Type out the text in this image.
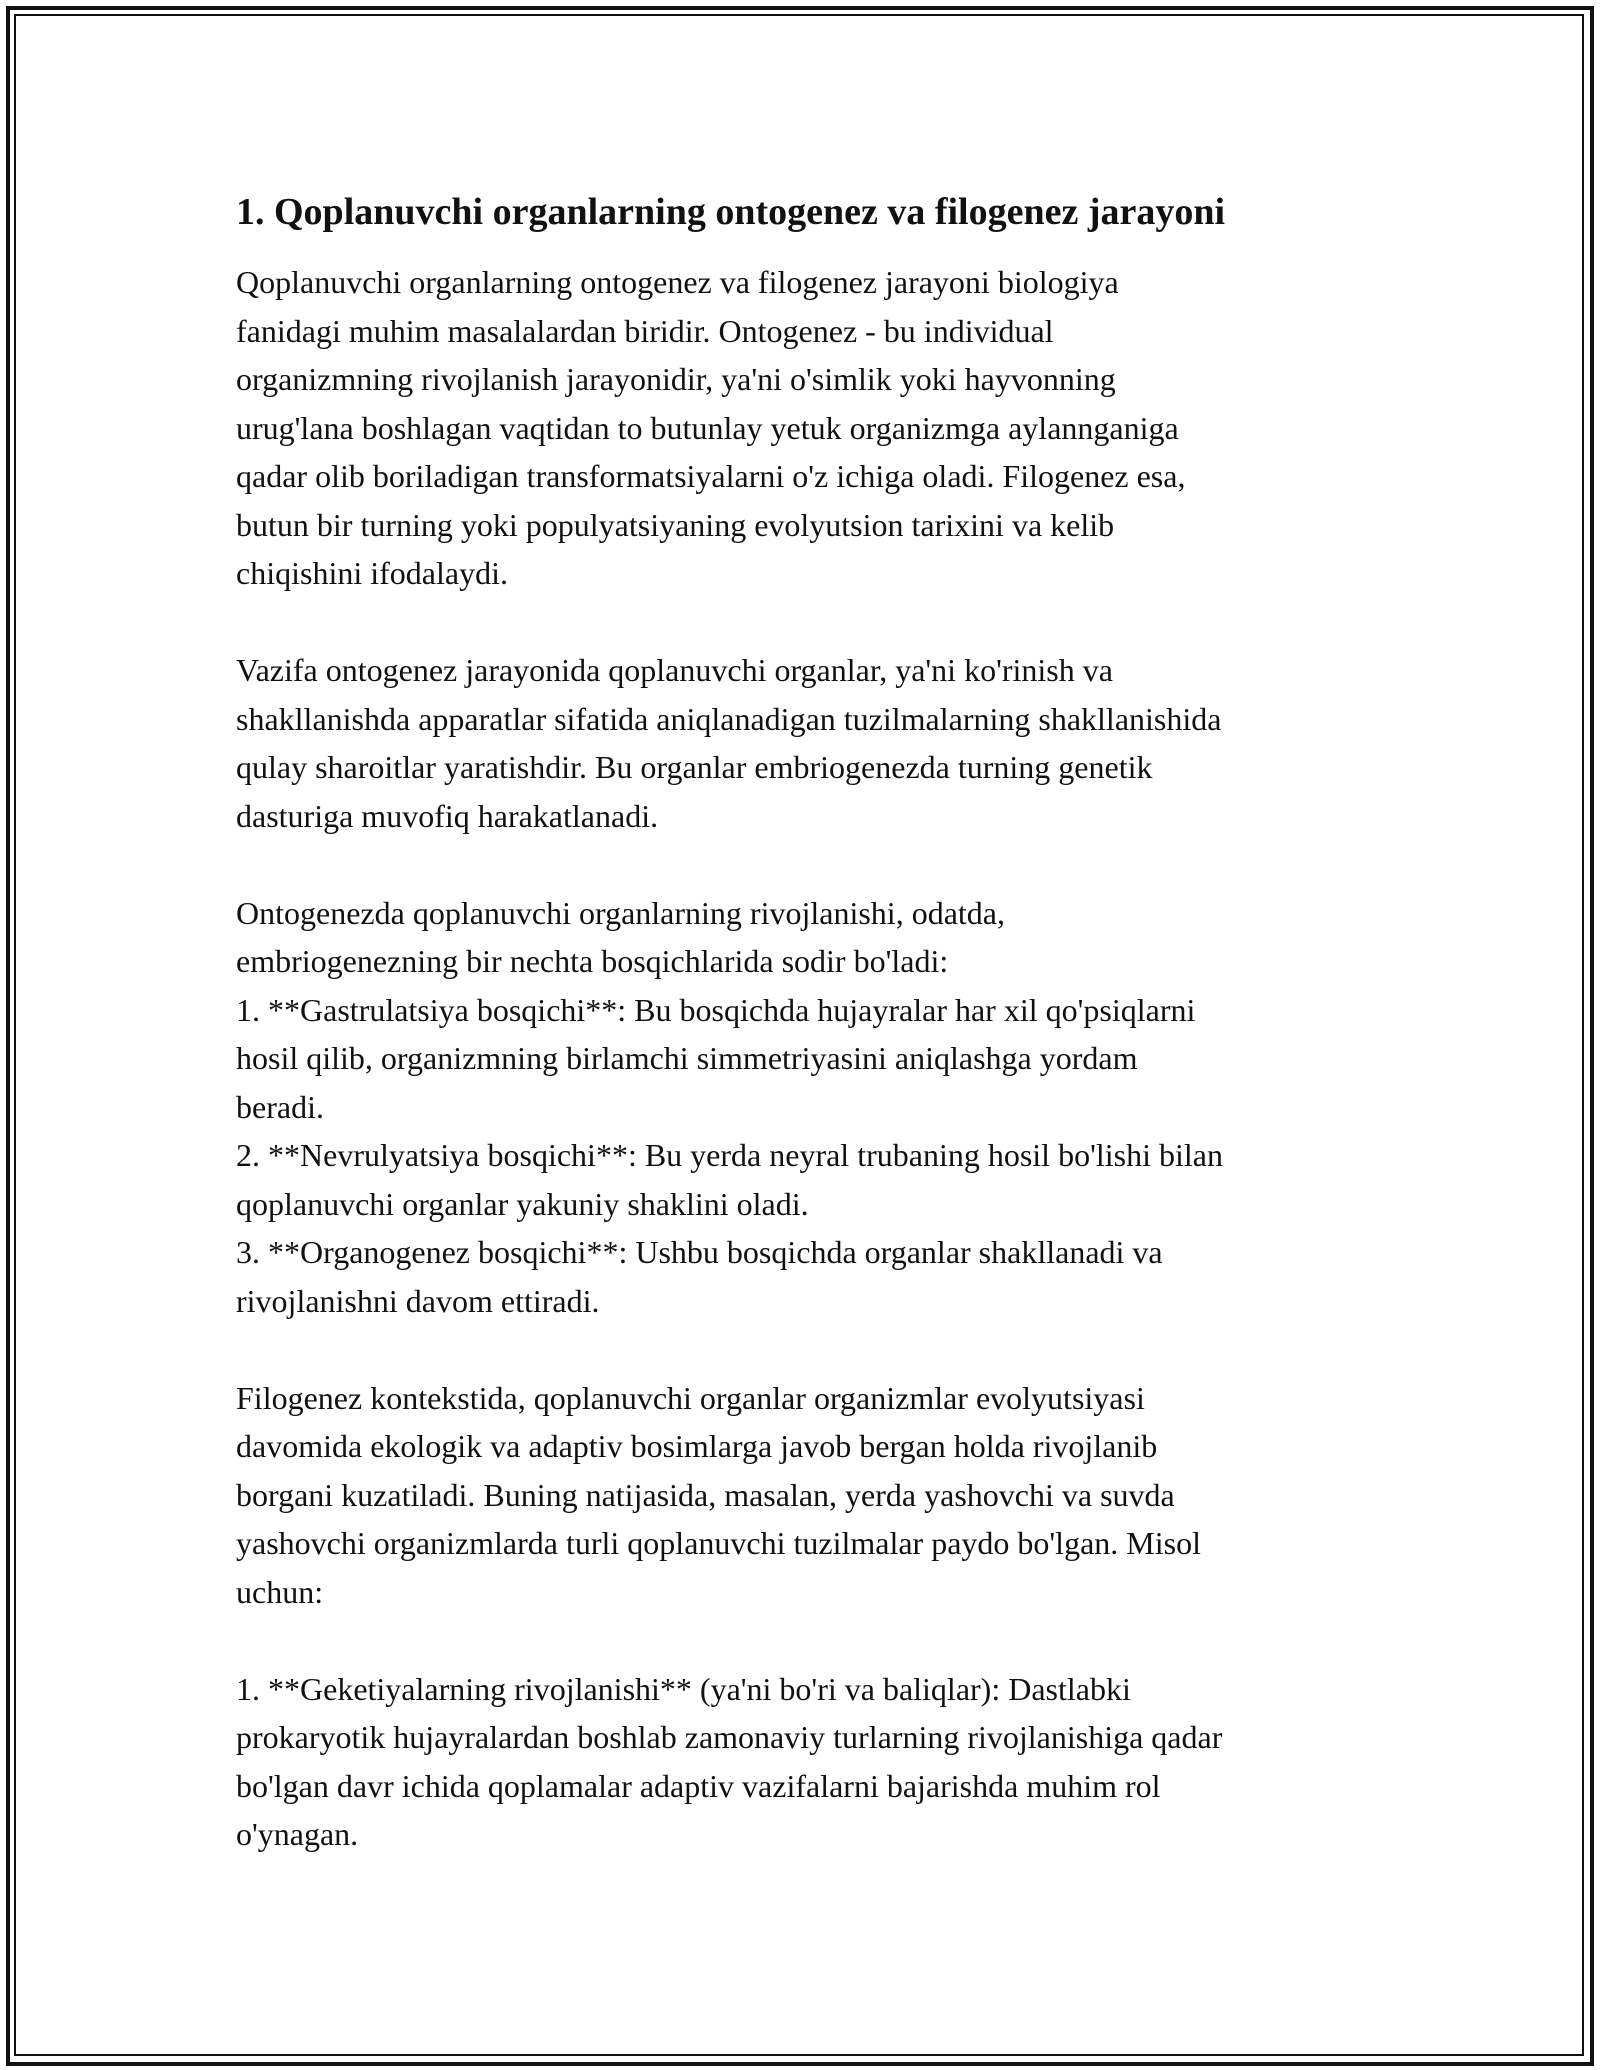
1. Qoplanuvchi organlarning ontogenez va filogenez jarayoni

Qoplanuvchi organlarning ontogenez va filogenez jarayoni biologiya
fanidagi muhim masalalardan biridir. Ontogenez - bu individual
organizmning rivojlanish jarayonidir, ya'ni o'simlik yoki hayvonning
urug'lana boshlagan vaqtidan to butunlay yetuk organizmga aylannganiga
qadar olib boriladigan transformatsiyalarni o'z ichiga oladi. Filogenez esa,
butun bir turning yoki populyatsiyaning evolyutsion tarixini va kelib
chiqishini ifodalaydi.

Vazifa ontogenez jarayonida qoplanuvchi organlar, ya'ni ko'rinish va
shakllanishda apparatlar sifatida aniqlanadigan tuzilmalarning shakllanishida
qulay sharoitlar yaratishdir. Bu organlar embriogenezda turning genetik
dasturiga muvofiq harakatlanadi.

Ontogenezda qoplanuvchi organlarning rivojlanishi, odatda,
embriogenezning bir nechta bosqichlarida sodir bo'ladi:
1. **Gastrulatsiya bosqichi**: Bu bosqichda hujayralar har xil qo'psiqlarni
hosil qilib, organizmning birlamchi simmetriyasini aniqlashga yordam
beradi.
2. **Nevrulyatsiya bosqichi**: Bu yerda neyral trubaning hosil bo'lishi bilan
qoplanuvchi organlar yakuniy shaklini oladi.
3. **Organogenez bosqichi**: Ushbu bosqichda organlar shakllanadi va
rivojlanishni davom ettiradi.

Filogenez kontekstida, qoplanuvchi organlar organizmlar evolyutsiyasi
davomida ekologik va adaptiv bosimlarga javob bergan holda rivojlanib
borgani kuzatiladi. Buning natijasida, masalan, yerda yashovchi va suvda
yashovchi organizmlarda turli qoplanuvchi tuzilmalar paydo bo'lgan. Misol
uchun:

1. **Geketiyalarning rivojlanishi** (ya'ni bo'ri va baliqlar): Dastlabki
prokaryotik hujayralardan boshlab zamonaviy turlarning rivojlanishiga qadar
bo'lgan davr ichida qoplamalar adaptiv vazifalarni bajarishda muhim rol
o'ynagan.
